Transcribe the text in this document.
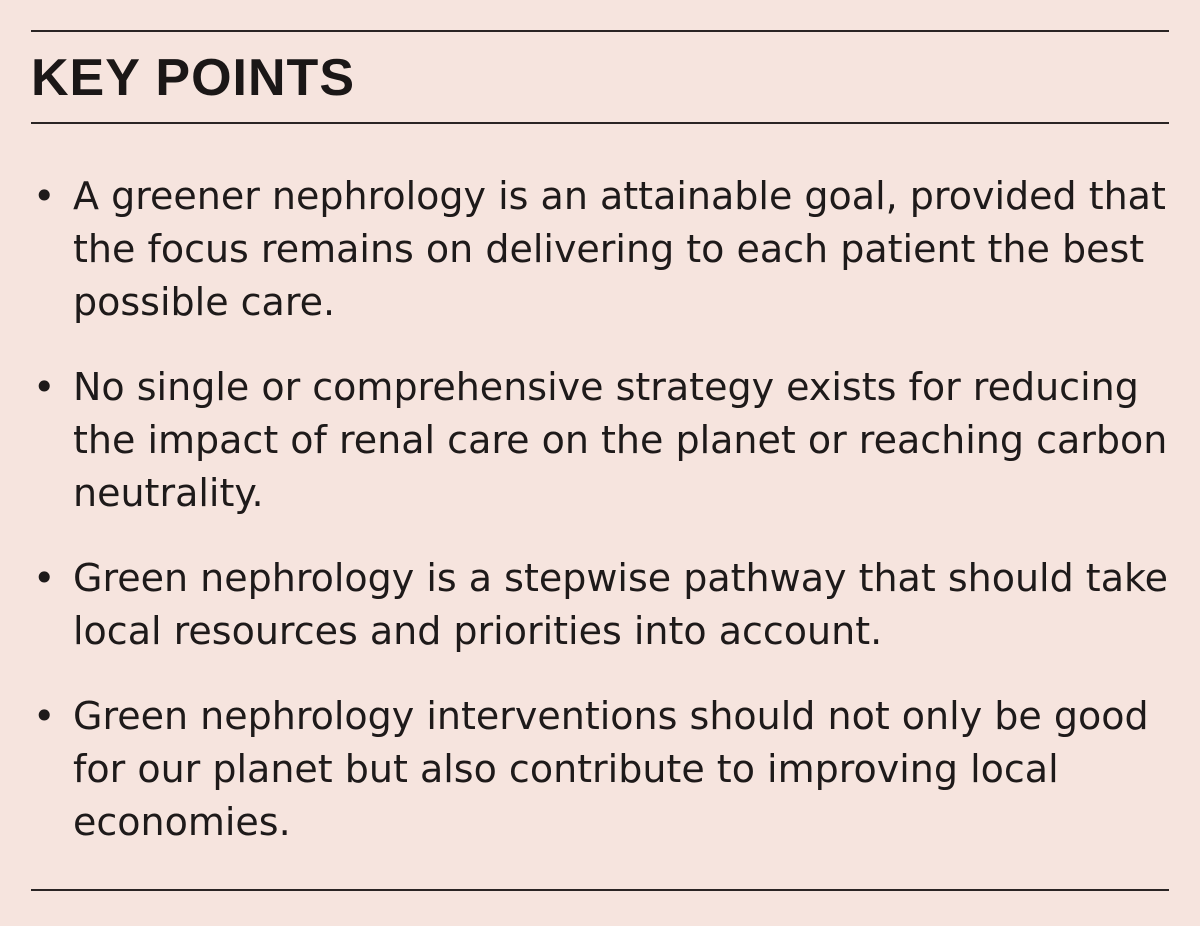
KEY POINTS
• A greener nephrology is an attainable goal, provided that the focus remains on delivering to each patient the best possible care.
• No single or comprehensive strategy exists for reducing the impact of renal care on the planet or reaching carbon neutrality.
• Green nephrology is a stepwise pathway that should take local resources and priorities into account.
• Green nephrology interventions should not only be good for our planet but also contribute to improving local economies.
